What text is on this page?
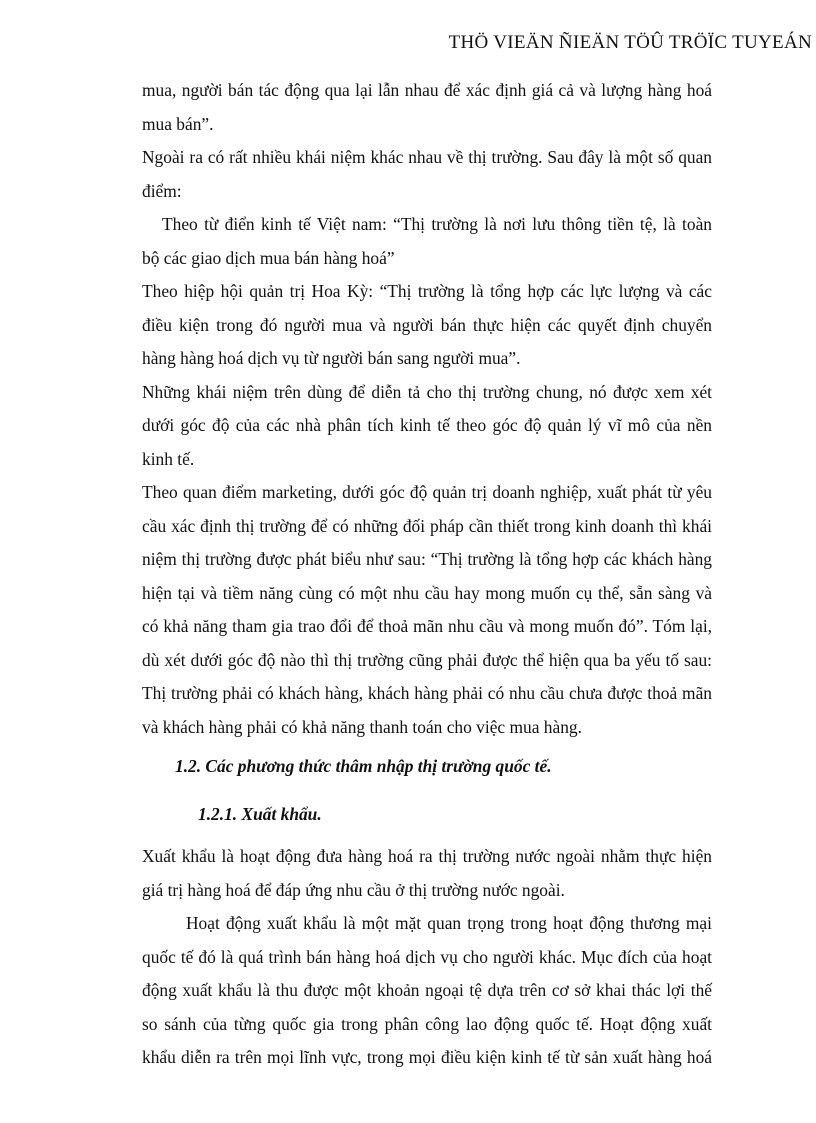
THÖ VIEÄN ÑIEÄN TÖÛ TRÖÏC TUYEÁN
mua, người bán tác động qua lại lẫn nhau để xác định giá cả và lượng hàng hoá
mua bán”.
Ngoài ra có rất nhiều khái niệm khác nhau về thị trường. Sau đây là một số quan
điểm:
Theo từ điển kinh tế Việt nam: “Thị trường là nơi lưu thông tiền tệ, là toàn
bộ các giao dịch mua bán hàng hoá”
Theo hiệp hội quản trị Hoa Kỳ: “Thị trường là tổng hợp các lực lượng và các
điều kiện trong đó người mua và người bán thực hiện các quyết định chuyển
hàng hàng hoá dịch vụ từ người bán sang người mua”.
Những khái niệm trên dùng để diễn tả cho thị trường chung, nó được xem xét
dưới góc độ của các nhà phân tích kinh tế theo góc độ quản lý vĩ mô của nền
kinh tế.
Theo quan điểm marketing, dưới góc độ quản trị doanh nghiệp, xuất phát từ yêu
cầu xác định thị trường để có những đối pháp cần thiết trong kinh doanh thì khái
niệm thị trường được phát biểu như sau: “Thị trường là tổng hợp các khách hàng
hiện tại và tiềm năng cùng có một nhu cầu hay mong muốn cụ thể, sẵn sàng và
có khả năng tham gia trao đổi để thoả mãn nhu cầu và mong muốn đó”. Tóm lại,
dù xét dưới góc độ nào thì thị trường cũng phải được thể hiện qua ba yếu tố sau:
Thị trường phải có khách hàng, khách hàng phải có nhu cầu chưa được thoả mãn
và khách hàng phải có khả năng thanh toán cho việc mua hàng.
1.2. Các phương thức thâm nhập thị trường quốc tế.
1.2.1. Xuất khẩu.
Xuất khẩu là hoạt động đưa hàng hoá ra thị trường nước ngoài nhằm thực hiện
giá trị hàng hoá để đáp ứng nhu cầu ở thị trường nước ngoài.
Hoạt động xuất khẩu là một mặt quan trọng trong hoạt động thương mại
quốc tế đó là quá trình bán hàng hoá dịch vụ cho người khác. Mục đích của hoạt
động xuất khẩu là thu được một khoản ngoại tệ dựa trên cơ sở khai thác lợi thế
so sánh của từng quốc gia trong phân công lao động quốc tế. Hoạt động xuất
khẩu diễn ra trên mọi lĩnh vực, trong mọi điều kiện kinh tế từ sản xuất hàng hoá
